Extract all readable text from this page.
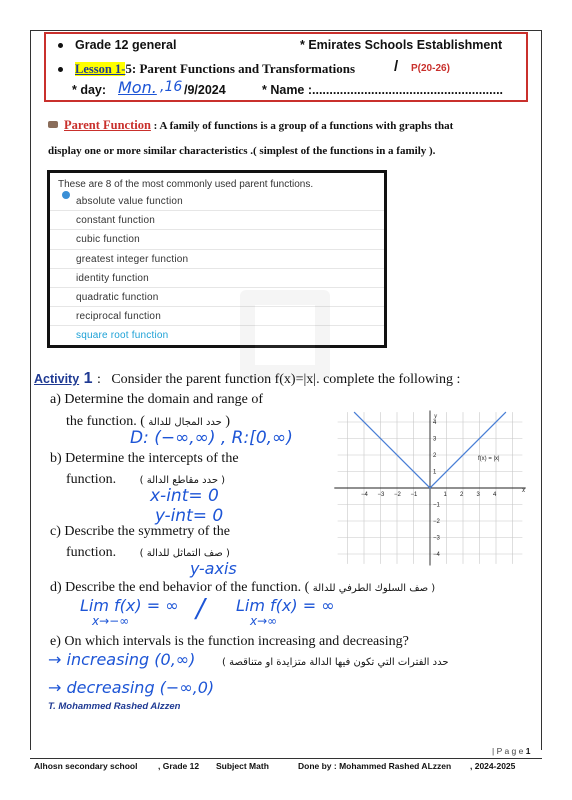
Grade 12 general	* Emirates Schools Establishment
Lesson 1-5: Parent Functions and Transformations	/ P(20-26)
* day: Mon. ,16 /9/2024	* Name :.......................................................
Parent Function : A family of functions is a group of a functions with graphs that
display one or more similar characteristics .( simplest of the functions in a family ).
These are 8 of the most commonly used parent functions.
absolute value function
constant function
cubic function
greatest integer function
identity function
quadratic function
reciprocal function
square root function
Activity 1 : Consider the parent function f(x)=|x|. complete the following :
a) Determine the domain and range of
the function. ( حدد المجال للدالة )
D: (−∞,∞) , R:[0,∞)
b) Determine the intercepts of the
function. ( حدد مقاطع الدالة )
x-int= 0
y-int= 0
c) Describe the symmetry of the
function. ( صف التماثل للدالة )
y-axis
d) Describe the end behavior of the function. ( صف السلوك الطرفي للدالة )
Lim f(x) = ∞
x→−∞	/ Lim f(x) = ∞
x→∞
e) On which intervals is the function increasing and decreasing?
( حدد الفترات التي تكون فيها الدالة متزايدة او متناقصة
→ increasing (0,∞)
→ decreasing (−∞,0)
T. Mohammed Rashed Alzzen
−4 −3 −2 −1	1 2 3 4
4
3
2
1
−1
−2
−3
−4
f(x) = |x|
x
y
| P a g e 1
Alhosn secondary school , Grade 12 Subject Math	Done by : Mohammed Rashed ALzzen , 2024-2025
